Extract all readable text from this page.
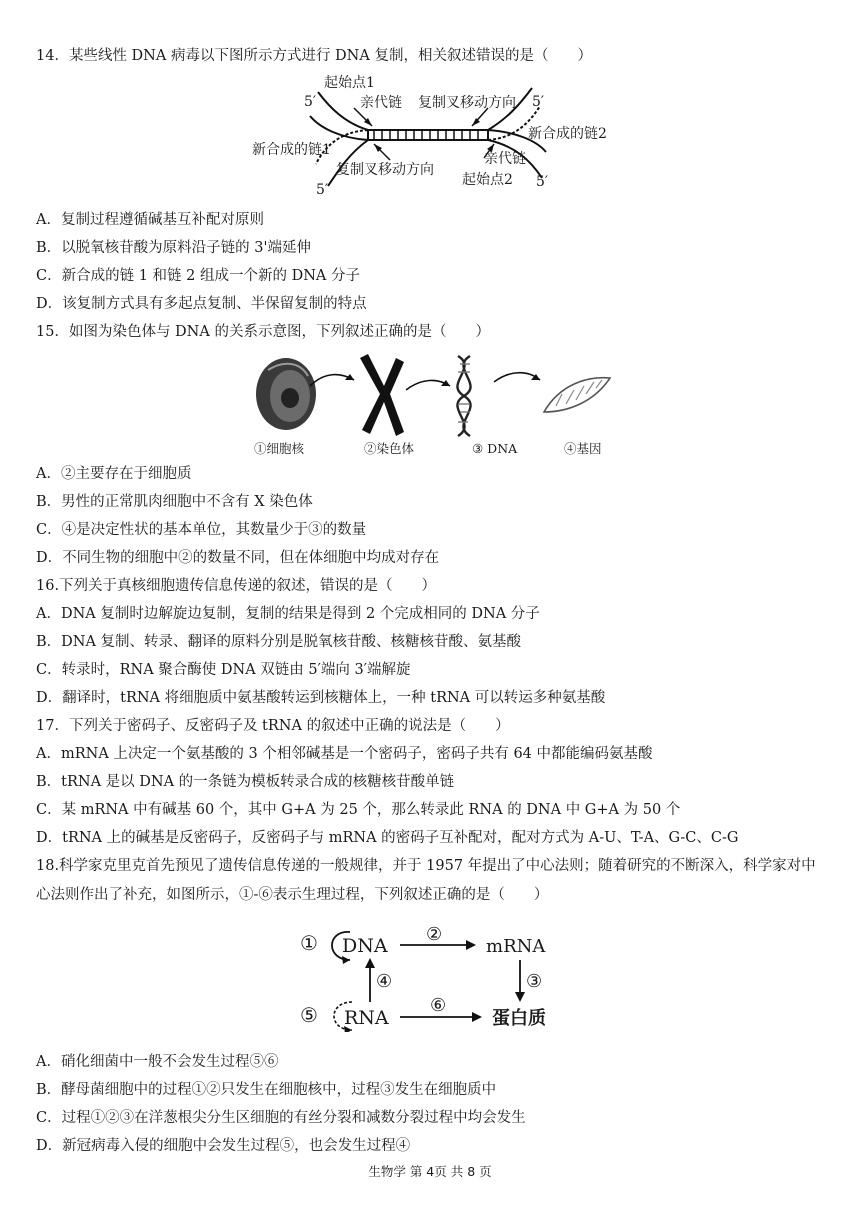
14．某些线性 DNA 病毒以下图所示方式进行 DNA 复制，相关叙述错误的是（　　）
起始点1
5′	亲代链 复制叉移动方向 5′
新合成的链2
新合成的链1
复制叉移动方向
亲代链
起始点2 5′
5′
A．复制过程遵循碱基互补配对原则
B．以脱氧核苷酸为原料沿子链的 3'端延伸
C．新合成的链 1 和链 2 组成一个新的 DNA 分子
D．该复制方式具有多起点复制、半保留复制的特点
15．如图为染色体与 DNA 的关系示意图，下列叙述正确的是（　　）
①细胞核	②染色体	③ DNA	④基因
A．②主要存在于细胞质
B．男性的正常肌肉细胞中不含有 X 染色体
C．④是决定性状的基本单位，其数量少于③的数量
D．不同生物的细胞中②的数量不同，但在体细胞中均成对存在
16.下列关于真核细胞遗传信息传递的叙述，错误的是（　　）
A．DNA 复制时边解旋边复制，复制的结果是得到 2 个完成相同的 DNA 分子
B．DNA 复制、转录、翻译的原料分别是脱氧核苷酸、核糖核苷酸、氨基酸
C．转录时，RNA 聚合酶使 DNA 双链由 5′端向 3′端解旋
D．翻译时，tRNA 将细胞质中氨基酸转运到核糖体上，一种 tRNA 可以转运多种氨基酸
17．下列关于密码子、反密码子及 tRNA 的叙述中正确的说法是（　　）
A．mRNA 上决定一个氨基酸的 3 个相邻碱基是一个密码子，密码子共有 64 中都能编码氨基酸
B．tRNA 是以 DNA 的一条链为模板转录合成的核糖核苷酸单链
C．某 mRNA 中有碱基 60 个，其中 G+A 为 25 个，那么转录此 RNA 的 DNA 中 G+A 为 50 个
D．tRNA 上的碱基是反密码子，反密码子与 mRNA 的密码子互补配对，配对方式为 A-U、T-A、G-C、C-G
18.科学家克里克首先预见了遗传信息传递的一般规律，并于 1957 年提出了中心法则；随着研究的不断深入，科学家对中心法则作出了补充，如图所示，①-⑥表示生理过程，下列叙述正确的是（　　）
① DNA
②
mRNA
③
④
⑤ RNA
⑥
蛋白质
A．硝化细菌中一般不会发生过程⑤⑥
B．酵母菌细胞中的过程①②只发生在细胞核中，过程③发生在细胞质中
C．过程①②③在洋葱根尖分生区细胞的有丝分裂和减数分裂过程中均会发生
D．新冠病毒入侵的细胞中会发生过程⑤，也会发生过程④
生物学 第 4页 共 8 页
